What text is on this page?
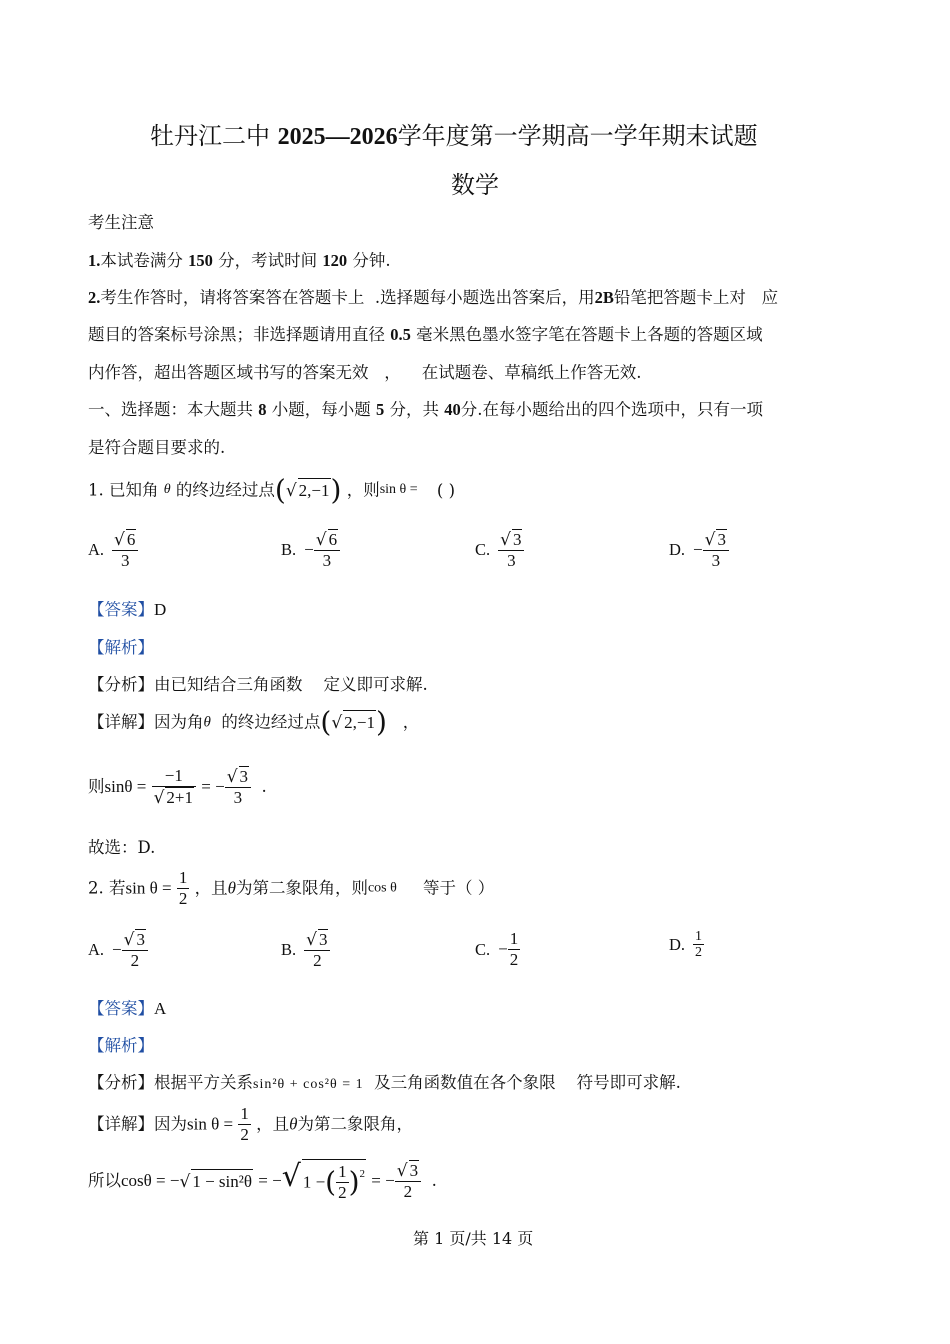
牡丹江二中 2025—2026学年度第一学期高一学年期末试题
数学
考生注意
1.本试卷满分 150 分，考试时间 120 分钟.
2.考生作答时，请将答案答在答题卡上 .选择题每小题选出答案后，用2B铅笔把答题卡上对 应
题目的答案标号涂黑；非选择题请用直径 0.5 毫米黑色墨水签字笔在答题卡上各题的答题区域
内作答，超出答题区域书写的答案无效 ， 在试题卷、草稿纸上作答无效.
一、选择题：本大题共 8 小题，每小题 5 分，共 40分.在每小题给出的四个选项中，只有一项
是符合题目要求的.
1. 已知角 $^\theta$ 的终边经过点(√ 2,−1) ，则$^{sin \theta =}$ ( )
A. $\frac{√ 6}{3}$	B. − $\frac{√ 6}{3}$	C. $\frac{√ 3}{3}$	D. − $\frac{√ 3}{3}$
【答案】D
【解析】
【分析】由已知结合三角函数 定义即可求解.
【详解】因为角θ 的终边经过点(√ 2,−1) ，
则$\sin\theta = \frac{-1}{√ 2+1}$ = − $\frac{√ 3}{3}$ .
故选：D.
2. 若$\sin \theta = \frac{1}{2}$ ，且θ为第二象限角，则cos θ 等于（ ）
A. − $\frac{√ 3}{2}$	B. $\frac{√ 3}{2}$	C. − $\frac{1}{2}$	D. $\frac{1}{2}$
【答案】A
【解析】
【分析】根据平方关系sin²θ + cos²θ = 1 及三角函数值在各个象限 符号即可求解.
【详解】因为$\sin \theta = \frac{1}{2}$ ，且θ为第二象限角，
所以cosθ = −√ 1 − sin²θ = −√ 1 −( $\frac{1}{2} )^2$ = − $\frac{√ 3}{2}$ .
第 1 页/共 14 页
